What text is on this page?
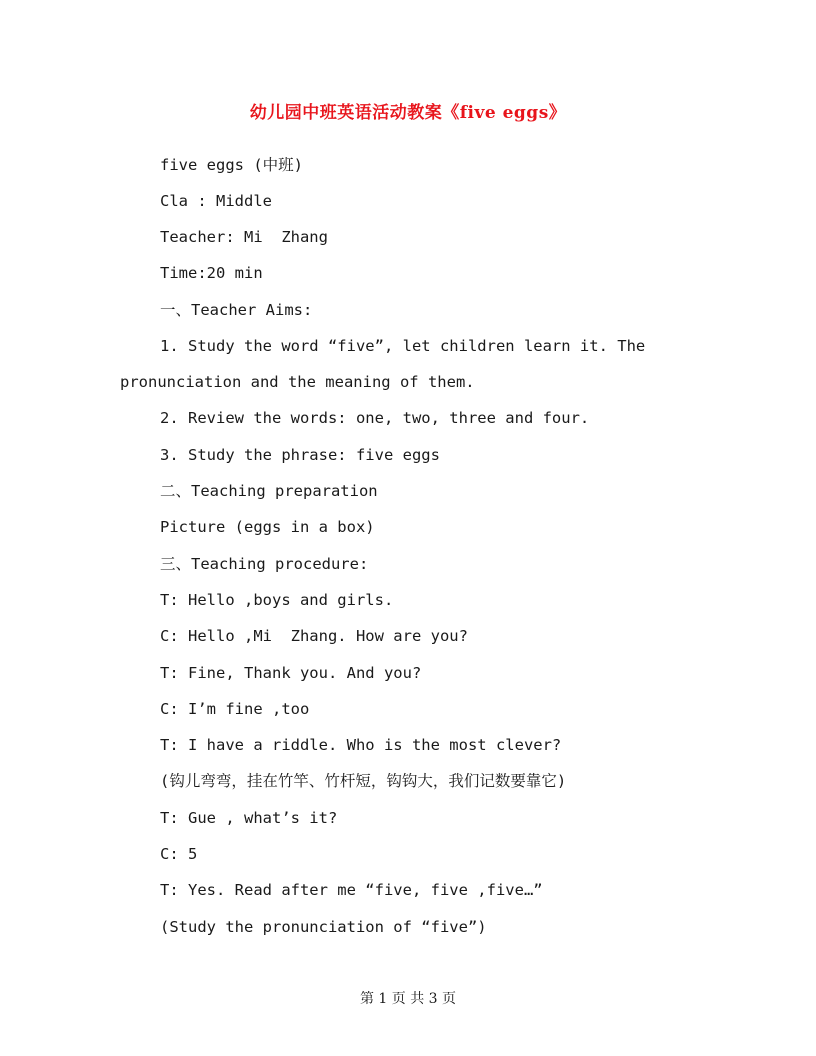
幼儿园中班英语活动教案《five eggs》
five eggs (中班)
Cla : Middle
Teacher: Mi  Zhang
Time:20 min
一、Teacher Aims:
1. Study the word “five”, let children learn it. The
pronunciation and the meaning of them.
2. Review the words: one, two, three and four.
3. Study the phrase: five eggs
二、Teaching preparation
Picture (eggs in a box)
三、Teaching procedure:
T: Hello ,boys and girls.
C: Hello ,Mi  Zhang. How are you?
T: Fine, Thank you. And you?
C: I’m fine ,too
T: I have a riddle. Who is the most clever?
(钩儿弯弯，挂在竹竿、竹杆短，钩钩大，我们记数要靠它)
T: Gue , what’s it?
C: 5
T: Yes. Read after me “five, five ,five…”
(Study the pronunciation of “five”)
第 1 页 共 3 页
